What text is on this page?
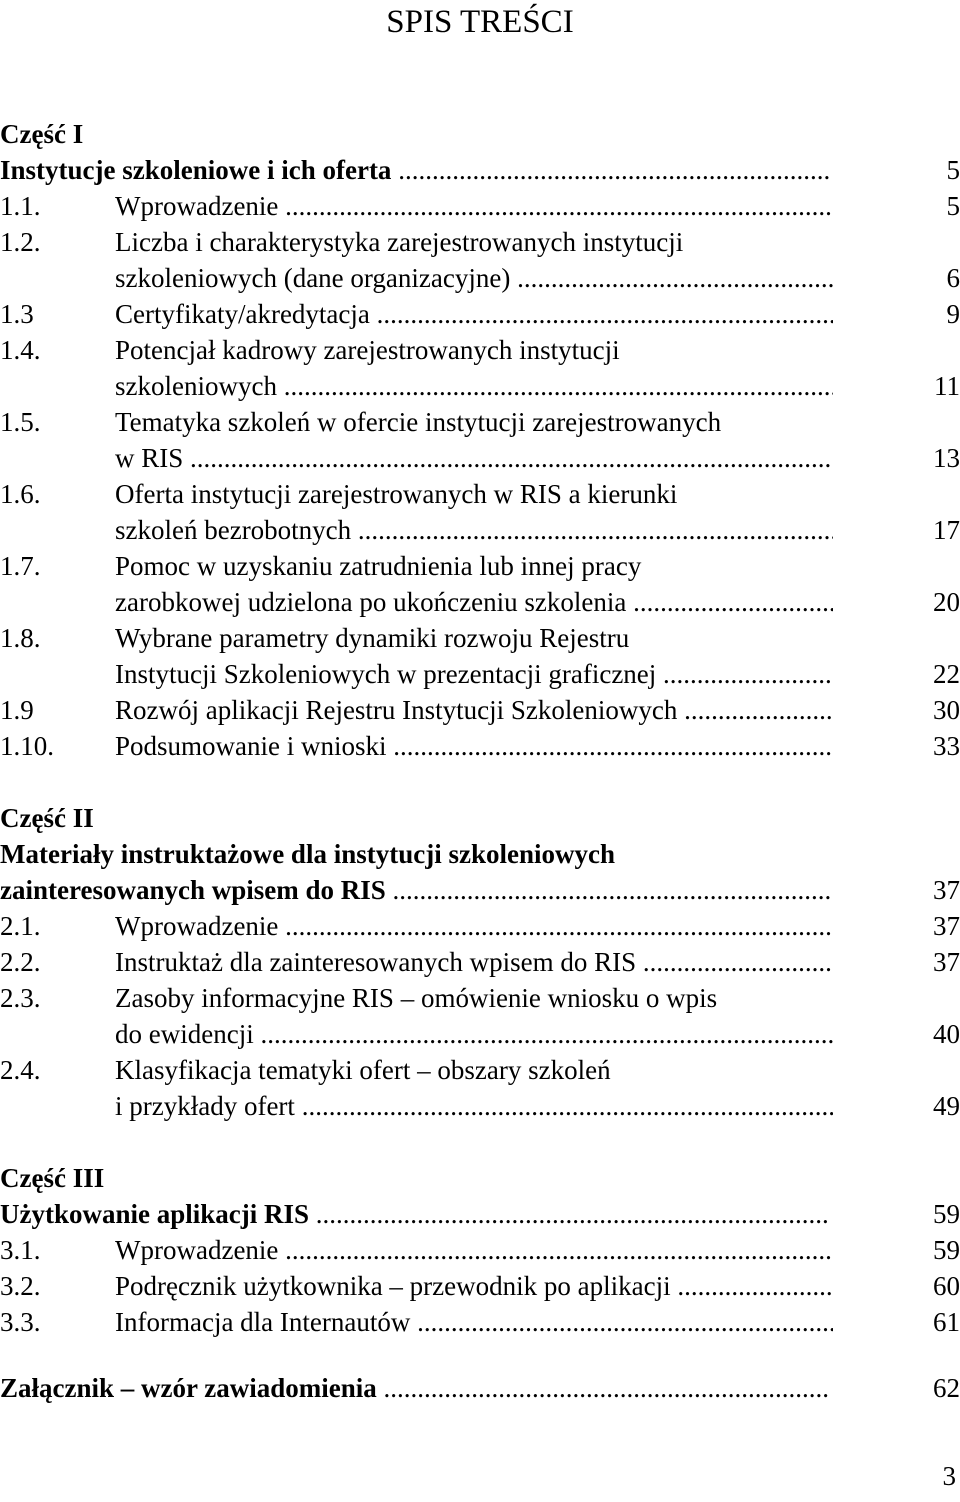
SPIS TREŚCI
Część I
Instytucje szkoleniowe i ich oferta .....	5
1.1.	Wprowadzenie .....	5
1.2.	Liczba i charakterystyka zarejestrowanych instytucji
szkoleniowych (dane organizacyjne) .....	6
1.3	Certyfikaty/akredytacja .....	9
1.4.	Potencjał kadrowy zarejestrowanych instytucji
szkoleniowych .....	11
1.5.	Tematyka szkoleń w ofercie instytucji zarejestrowanych
w RIS .....	13
1.6.	Oferta instytucji zarejestrowanych w RIS a kierunki
szkoleń bezrobotnych .....	17
1.7.	Pomoc w uzyskaniu zatrudnienia lub innej pracy
zarobkowej udzielona po ukończeniu szkolenia .....	20
1.8.	Wybrane parametry dynamiki rozwoju Rejestru
Instytucji Szkoleniowych w prezentacji graficznej .....	22
1.9	Rozwój aplikacji Rejestru Instytucji Szkoleniowych .....	30
1.10.	Podsumowanie i wnioski .....	33
Część II
Materiały instruktażowe dla instytucji szkoleniowych
zainteresowanych wpisem do RIS .....	37
2.1.	Wprowadzenie .....	37
2.2.	Instruktaż dla zainteresowanych wpisem do RIS .....	37
2.3.	Zasoby informacyjne RIS – omówienie wniosku o wpis
do ewidencji .....	40
2.4.	Klasyfikacja tematyki ofert – obszary szkoleń
i przykłady ofert .....	49
Część III
Użytkowanie aplikacji RIS .....	59
3.1.	Wprowadzenie .....	59
3.2.	Podręcznik użytkownika – przewodnik po aplikacji .....	60
3.3.	Informacja dla Internautów .....	61
Załącznik – wzór zawiadomienia .....	62
3
